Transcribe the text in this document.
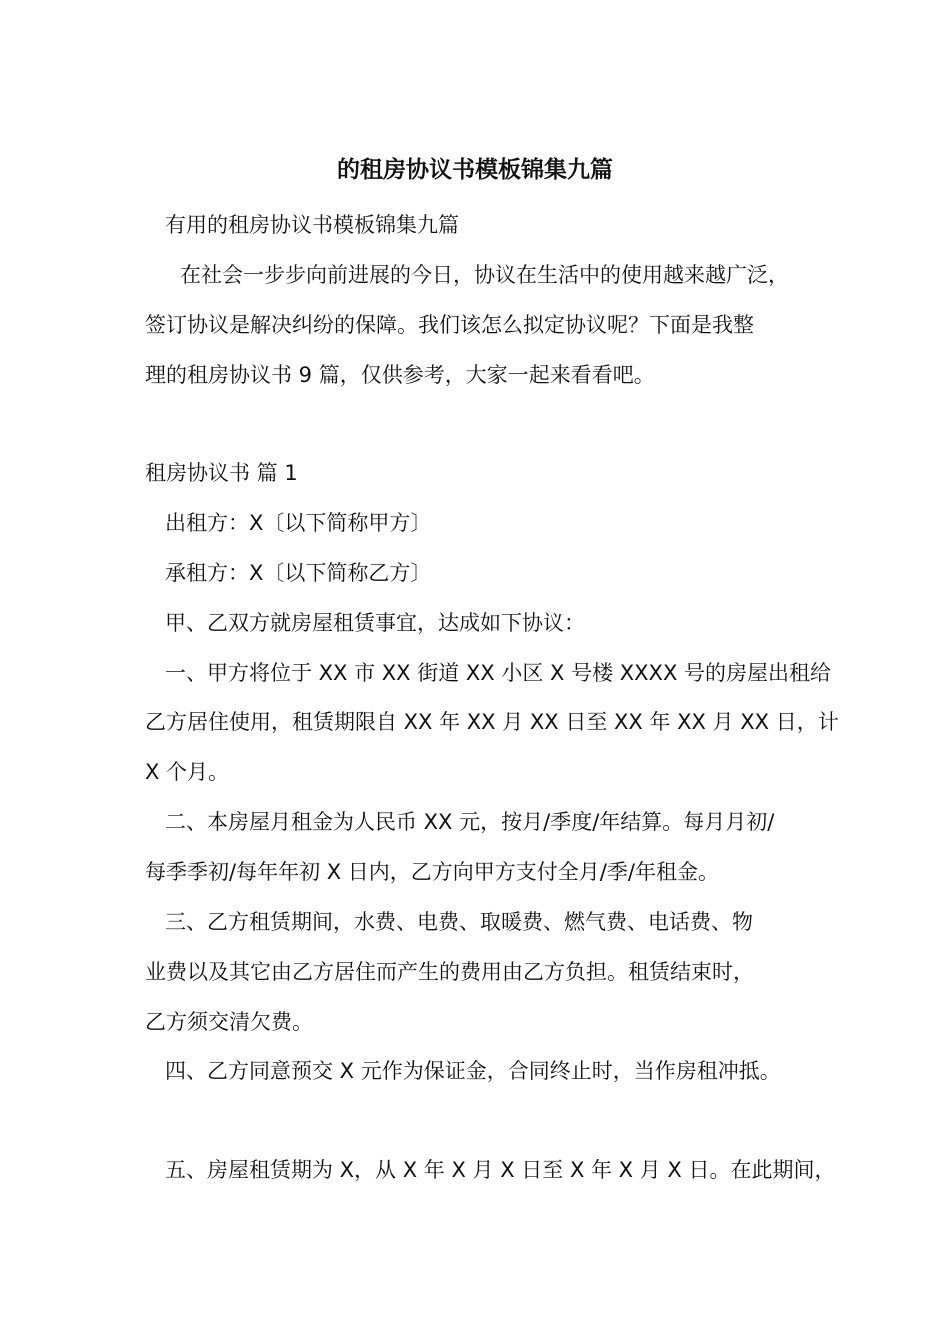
的租房协议书模板锦集九篇

有用的租房协议书模板锦集九篇

在社会一步步向前进展的今日，协议在生活中的使用越来越广泛，

签订协议是解决纠纷的保障。我们该怎么拟定协议呢？下面是我整

理的租房协议书 9 篇，仅供参考，大家一起来看看吧。

租房协议书 篇 1

出租方：X〔以下简称甲方〕

承租方：X〔以下简称乙方〕

甲、乙双方就房屋租赁事宜，达成如下协议：

一、甲方将位于 XX 市 XX 街道 XX 小区 X 号楼 XXXX 号的房屋出租给

乙方居住使用，租赁期限自 XX 年 XX 月 XX 日至 XX 年 XX 月 XX 日，计

X 个月。

二、本房屋月租金为人民币 XX 元，按月/季度/年结算。每月月初/

每季季初/每年年初 X 日内，乙方向甲方支付全月/季/年租金。

三、乙方租赁期间，水费、电费、取暖费、燃气费、电话费、物

业费以及其它由乙方居住而产生的费用由乙方负担。租赁结束时，

乙方须交清欠费。

四、乙方同意预交 X 元作为保证金，合同终止时，当作房租冲抵。

五、房屋租赁期为 X，从 X 年 X 月 X 日至 X 年 X 月 X 日。在此期间，
